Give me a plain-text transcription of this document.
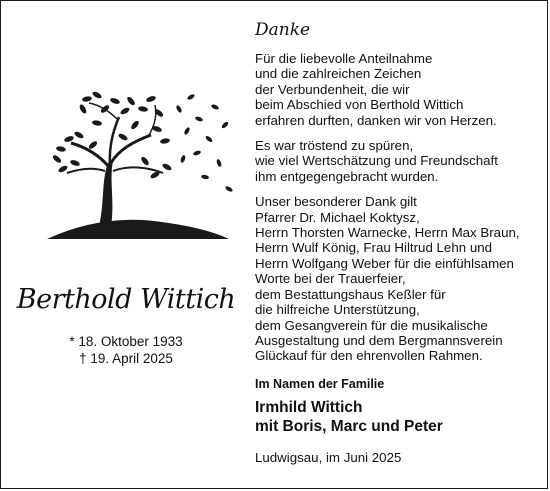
Berthold Wittich
* 18. Oktober 1933
† 19. April 2025
Danke
Für die liebevolle Anteilnahme
und die zahlreichen Zeichen
der Verbundenheit, die wir
beim Abschied von Berthold Wittich
erfahren durften, danken wir von Herzen.
Es war tröstend zu spüren,
wie viel Wertschätzung und Freundschaft
ihm entgegengebracht wurden.
Unser besonderer Dank gilt
Pfarrer Dr. Michael Koktysz,
Herrn Thorsten Warnecke, Herrn Max Braun,
Herrn Wulf König, Frau Hiltrud Lehn und
Herrn Wolfgang Weber für die einfühlsamen
Worte bei der Trauerfeier,
dem Bestattungshaus Keßler für
die hilfreiche Unterstützung,
dem Gesangverein für die musikalische
Ausgestaltung und dem Bergmannsverein
Glückauf für den ehrenvollen Rahmen.
Im Namen der Familie
Irmhild Wittich
mit Boris, Marc und Peter
Ludwigsau, im Juni 2025
